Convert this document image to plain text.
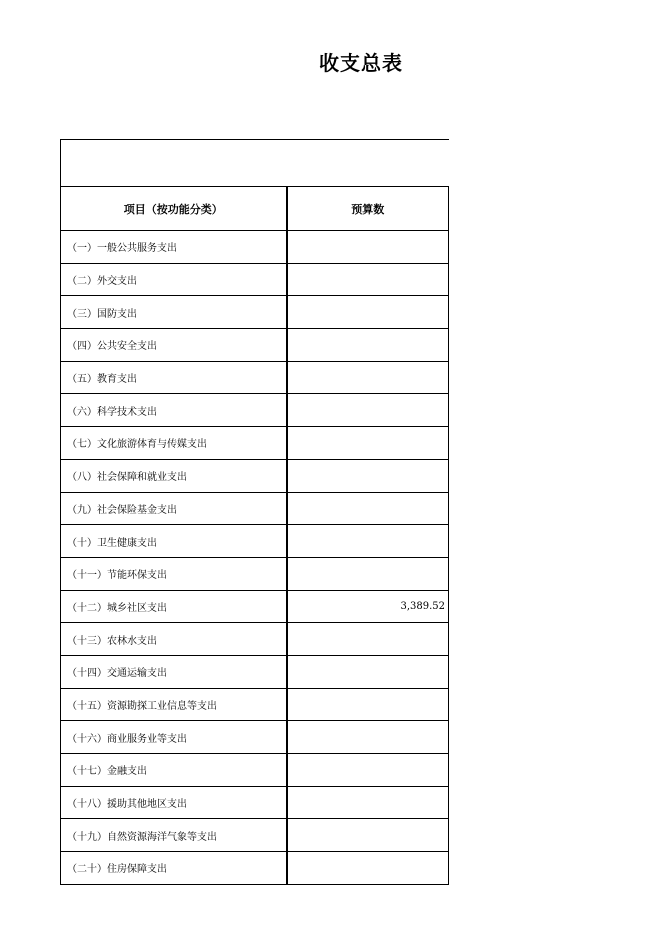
收支总表
项目（按功能分类）	预算数
（一）一般公共服务支出	
（二）外交支出	
（三）国防支出	
（四）公共安全支出	
（五）教育支出	
（六）科学技术支出	
（七）文化旅游体育与传媒支出	
（八）社会保障和就业支出	
（九）社会保险基金支出	
（十）卫生健康支出	
（十一）节能环保支出	
（十二）城乡社区支出	3,389.52
（十三）农林水支出	
（十四）交通运输支出	
（十五）资源勘探工业信息等支出	
（十六）商业服务业等支出	
（十七）金融支出	
（十八）援助其他地区支出	
（十九）自然资源海洋气象等支出	
（二十）住房保障支出	
